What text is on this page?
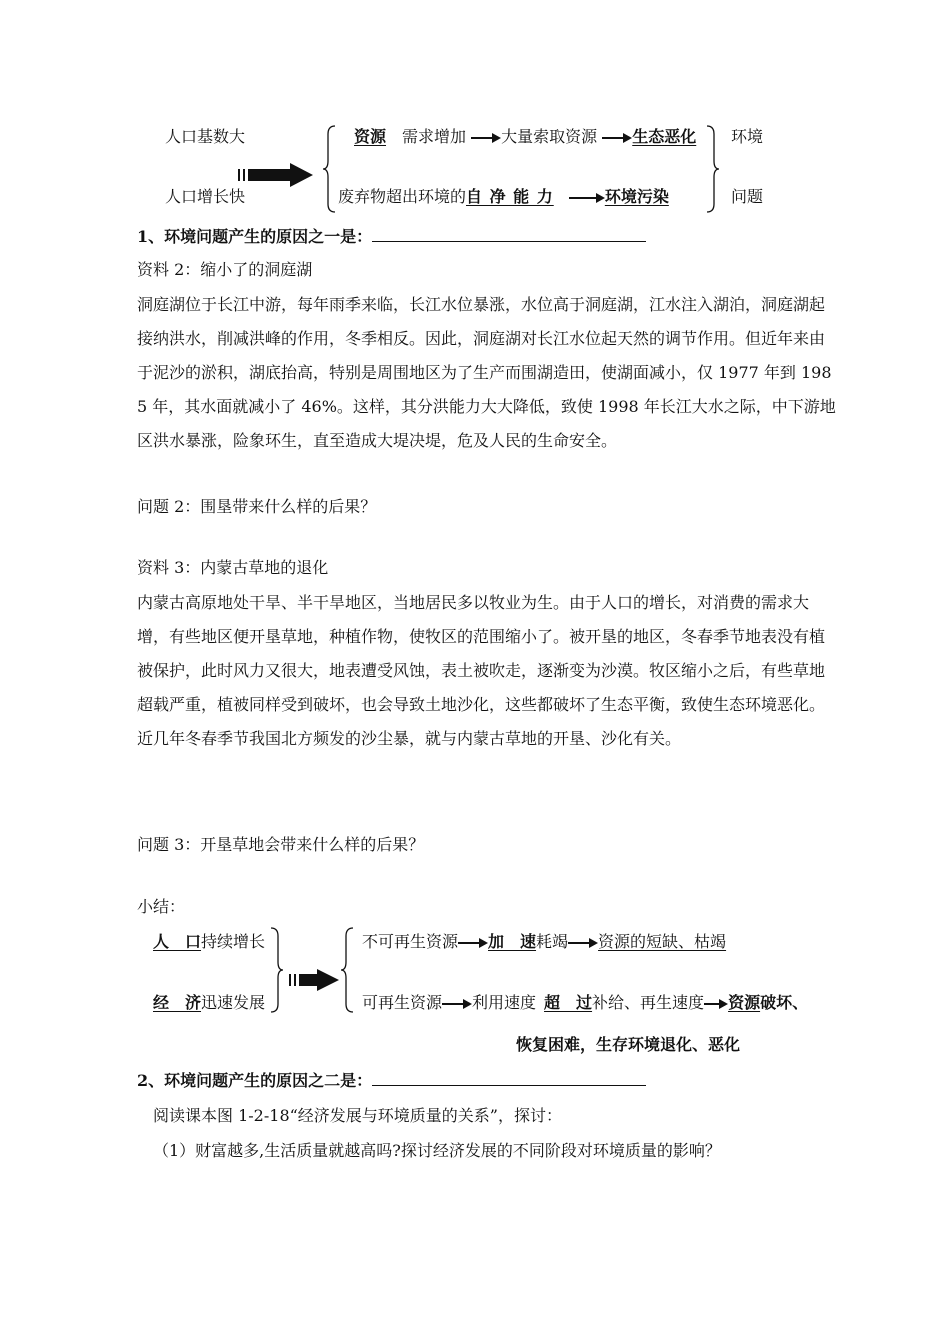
人口基数大
人口增长快
资源 需求增加 大量索取资源 生态恶化
废弃物超出环境的自 净 能 力	环境污染
环境
问题
1、环境问题产生的原因之一是：
资料 2：缩小了的洞庭湖
洞庭湖位于长江中游，每年雨季来临，长江水位暴涨，水位高于洞庭湖，江水注入湖泊，洞庭湖起接纳洪水，削减洪峰的作用，冬季相反。因此，洞庭湖对长江水位起天然的调节作用。但近年来由于泥沙的淤积，湖底抬高，特别是周围地区为了生产而围湖造田，使湖面减小，仅 1977 年到 1985 年，其水面就减小了 46%。这样，其分洪能力大大降低，致使 1998 年长江大水之际，中下游地区洪水暴涨，险象环生，直至造成大堤决堤，危及人民的生命安全。
问题 2：围垦带来什么样的后果？
资料 3：内蒙古草地的退化
内蒙古高原地处干旱、半干旱地区，当地居民多以牧业为生。由于人口的增长，对消费的需求大增，有些地区便开垦草地，种植作物，使牧区的范围缩小了。被开垦的地区，冬春季节地表没有植被保护，此时风力又很大，地表遭受风蚀，表土被吹走，逐渐变为沙漠。牧区缩小之后，有些草地超载严重，植被同样受到破坏，也会导致土地沙化，这些都破坏了生态平衡，致使生态环境恶化。近几年冬春季节我国北方频发的沙尘暴，就与内蒙古草地的开垦、沙化有关。
问题 3：开垦草地会带来什么样的后果？
小结：
人　口持续增长
经　济迅速发展
不可再生资源 加　速耗竭 资源的短缺、枯竭
可再生资源 利用速度 超　过补给、再生速度 资源破坏、
恢复困难，生存环境退化、恶化
2、环境问题产生的原因之二是：
阅读课本图 1-2-18“经济发展与环境质量的关系”，探讨：
（1）财富越多,生活质量就越高吗?探讨经济发展的不同阶段对环境质量的影响？
